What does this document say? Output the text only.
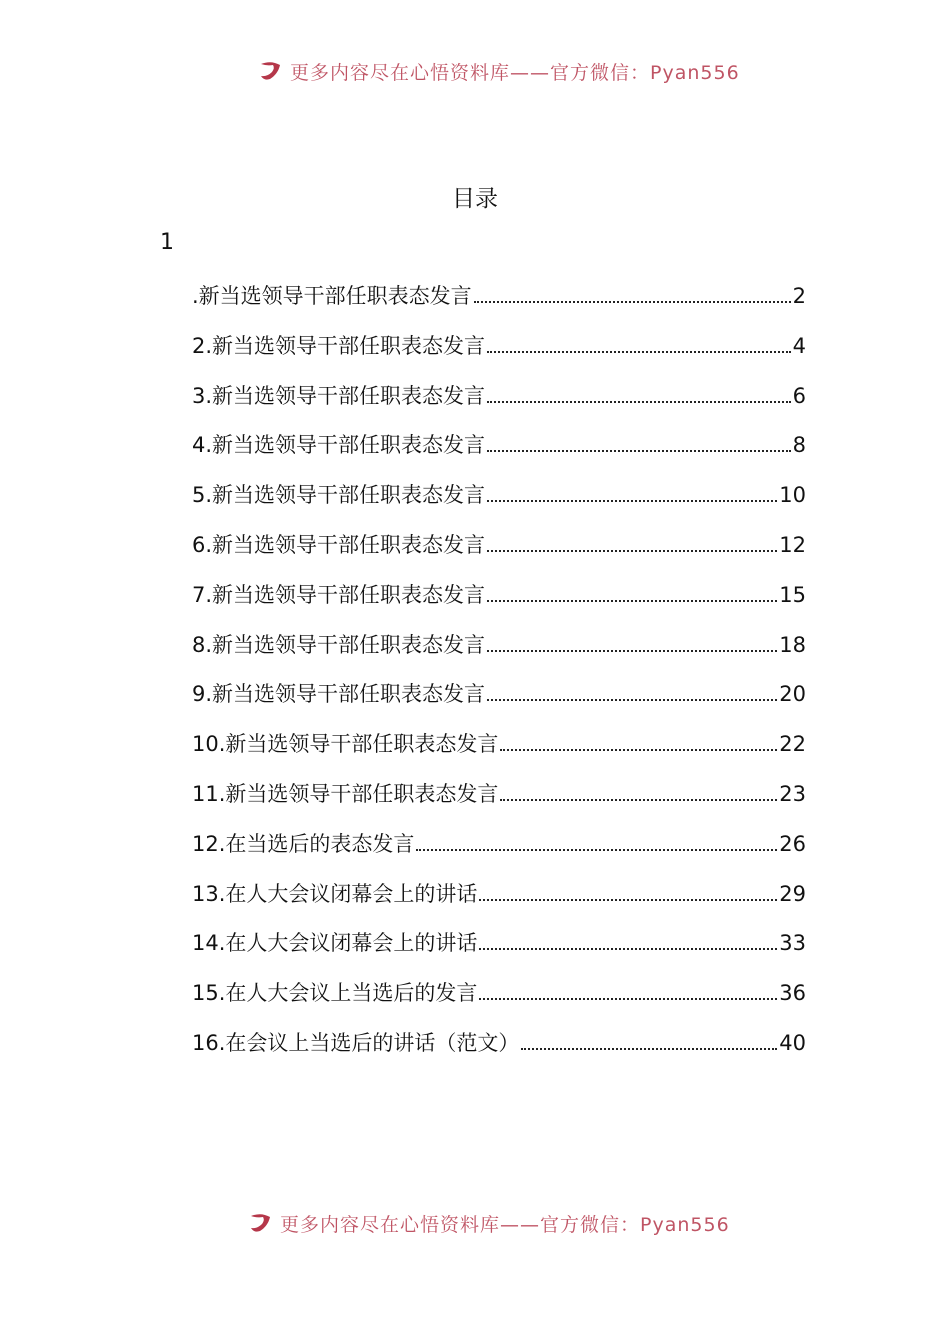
更多内容尽在心悟资料库——官方微信：Pyan556
目录
1
.新当选领导干部任职表态发言	2
2.新当选领导干部任职表态发言	4
3.新当选领导干部任职表态发言	6
4.新当选领导干部任职表态发言	8
5.新当选领导干部任职表态发言	10
6.新当选领导干部任职表态发言	12
7.新当选领导干部任职表态发言	15
8.新当选领导干部任职表态发言	18
9.新当选领导干部任职表态发言	20
10.新当选领导干部任职表态发言	22
11.新当选领导干部任职表态发言	23
12.在当选后的表态发言	26
13.在人大会议闭幕会上的讲话	29
14.在人大会议闭幕会上的讲话	33
15.在人大会议上当选后的发言	36
16.在会议上当选后的讲话（范文）	40
更多内容尽在心悟资料库——官方微信：Pyan556
